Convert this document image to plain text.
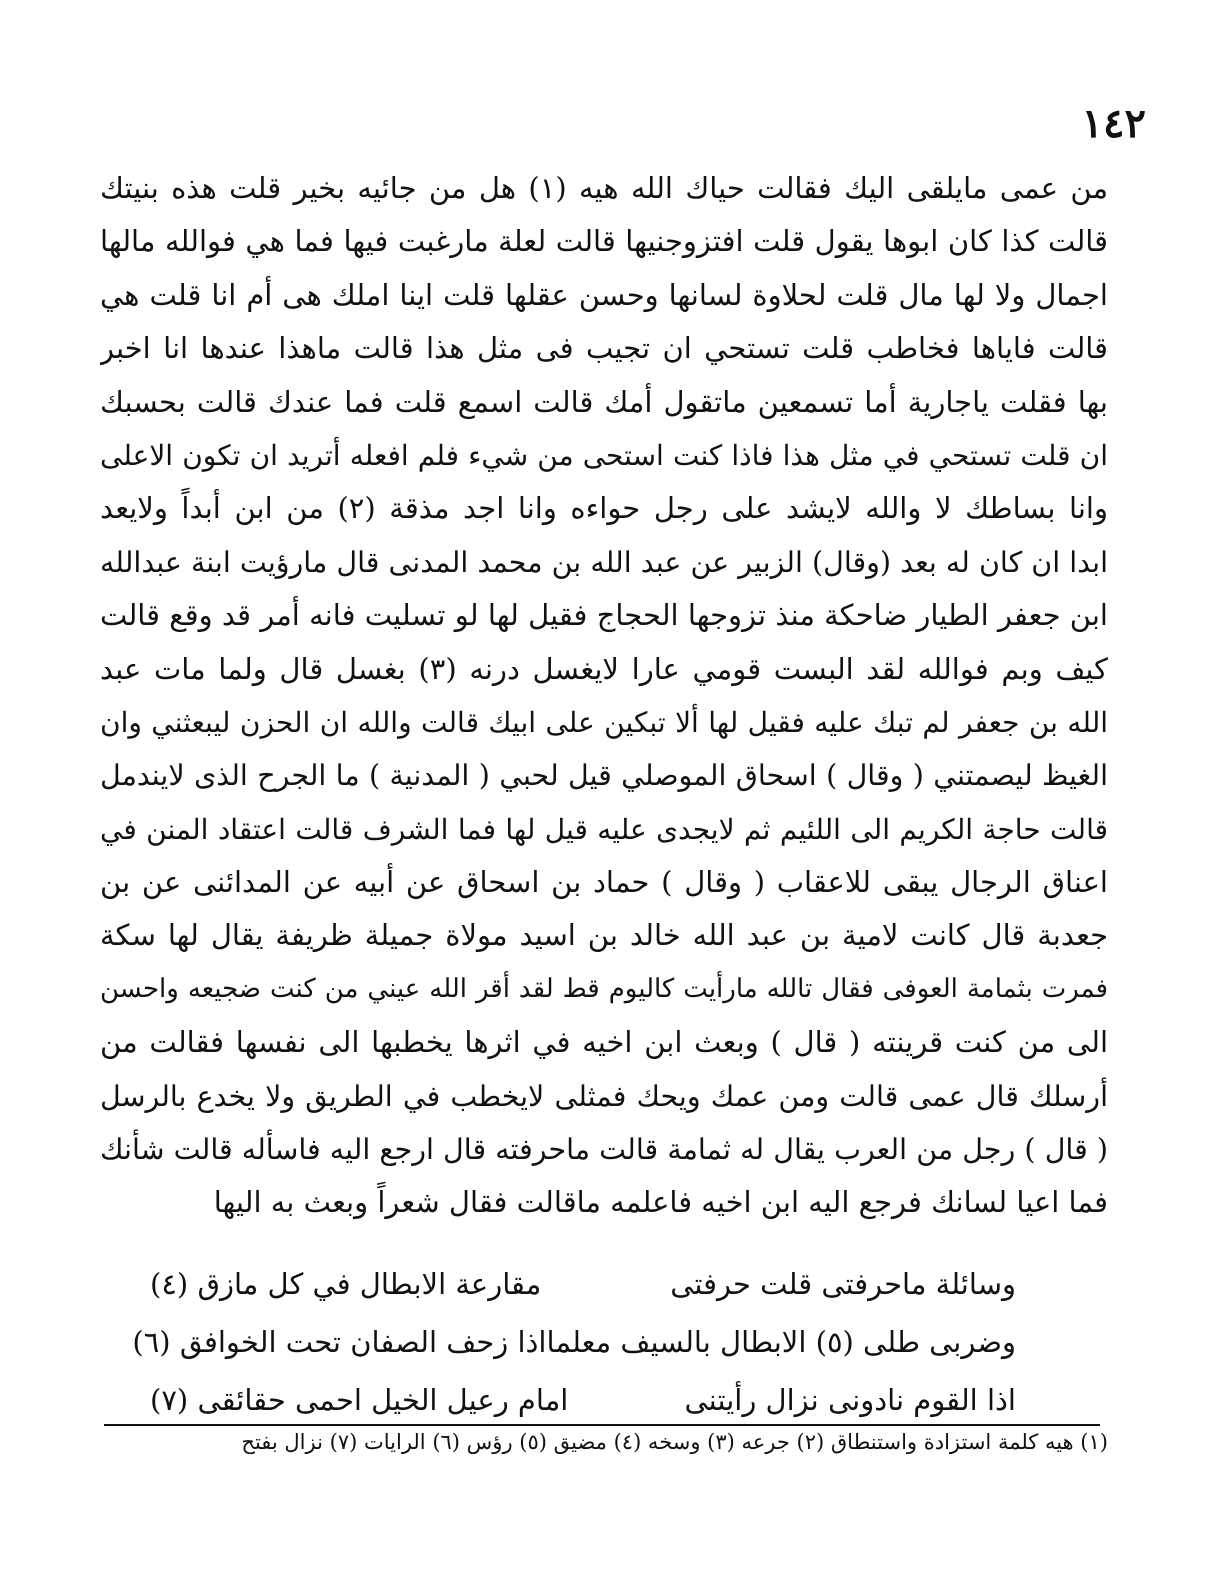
١٤٢
من عمى مايلقى اليك فقالت حياك الله هيه (١) هل من جائيه بخير قلت هذه بنيتك
قالت كذا كان ابوها يقول قلت افتزوجنيها قالت لعلة مارغبت فيها فما هي فوالله مالها
اجمال ولا لها مال قلت لحلاوة لسانها وحسن عقلها قلت اينا املك هى أم انا قلت هي
قالت فاياها فخاطب قلت تستحي ان تجيب فى مثل هذا قالت ماهذا عندها انا اخبر
بها فقلت ياجارية أما تسمعين ماتقول أمك قالت اسمع قلت فما عندك قالت بحسبك
ان قلت تستحي في مثل هذا فاذا كنت استحى من شيء فلم افعله أتريد ان تكون الاعلى
وانا بساطك لا والله لايشد على رجل حواءه وانا اجد مذقة (٢) من ابن أبداً ولايعد
ابدا ان كان له بعد (وقال) الزبير عن عبد الله بن محمد المدنى قال مارؤيت ابنة عبدالله
ابن جعفر الطيار ضاحكة منذ تزوجها الحجاج فقيل لها لو تسليت فانه أمر قد وقع قالت
كيف وبم فوالله لقد البست قومي عارا لايغسل درنه (٣) بغسل قال ولما مات عبد
الله بن جعفر لم تبك عليه فقيل لها ألا تبكين على ابيك قالت والله ان الحزن ليبعثني وان
الغيظ ليصمتني ( وقال ) اسحاق الموصلي قيل لحبي ( المدنية ) ما الجرح الذى لايندمل
قالت حاجة الكريم الى اللئيم ثم لايجدى عليه قيل لها فما الشرف قالت اعتقاد المنن في
اعناق الرجال يبقى للاعقاب ( وقال ) حماد بن اسحاق عن أبيه عن المدائنى عن بن
جعدبة قال كانت لامية بن عبد الله خالد بن اسيد مولاة جميلة ظريفة يقال لها سكة
فمرت بثمامة العوفى فقال تالله مارأيت كاليوم قط لقد أقر الله عيني من كنت ضجيعه واحسن
الى من كنت قرينته ( قال ) وبعث ابن اخيه في اثرها يخطبها الى نفسها فقالت من
أرسلك قال عمى قالت ومن عمك ويحك فمثلى لايخطب في الطريق ولا يخدع بالرسل
( قال ) رجل من العرب يقال له ثمامة قالت ماحرفته قال ارجع اليه فاسأله قالت شأنك
فما اعيا لسانك فرجع اليه ابن اخيه فاعلمه ماقالت فقال شعراً وبعث به اليها
وسائلة ماحرفتى قلت حرفتى
مقارعة الابطال في كل مازق (٤)
وضربى طلى (٥) الابطال بالسيف معلما
اذا زحف الصفان تحت الخوافق (٦)
اذا القوم نادونى نزال رأيتنى
امام رعيل الخيل احمى حقائقى (٧)
(١) هيه كلمة استزادة واستنطاق (٢) جرعه (٣) وسخه (٤) مضيق (٥) رؤس (٦) الرايات (٧) نزال بفتح
